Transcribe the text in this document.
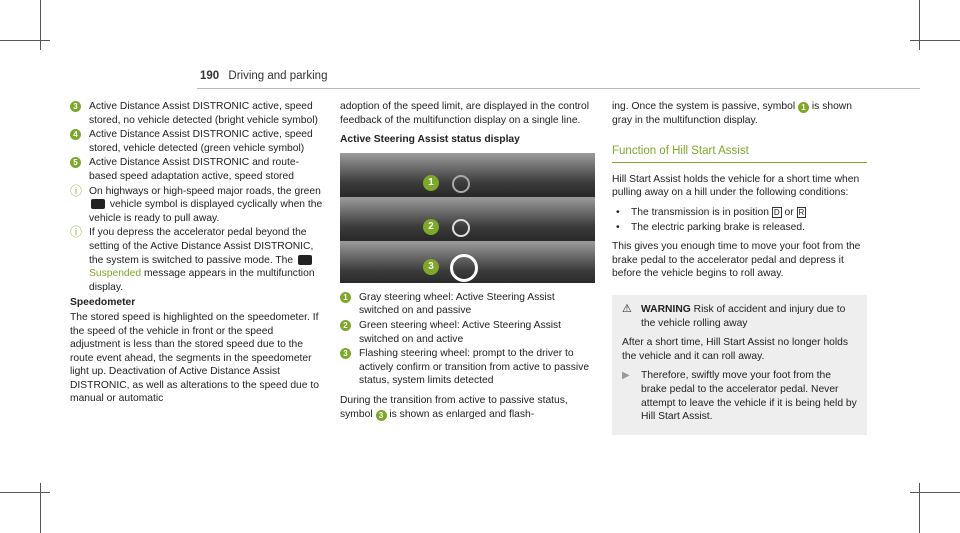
190 Driving and parking
3	Active Distance Assist DISTRONIC active, speed stored, no vehicle detected (bright vehicle symbol)
4	Active Distance Assist DISTRONIC active, speed stored, vehicle detected (green vehicle symbol)
5	Active Distance Assist DISTRONIC and route-based speed adaptation active, speed stored
ⓘ On highways or high-speed major roads, the green  vehicle symbol is displayed cyclically when the vehicle is ready to pull away.
ⓘ If you depress the accelerator pedal beyond the setting of the Active Distance Assist DISTRONIC, the system is switched to passive mode. The  Suspended message appears in the multifunction display.
Speedometer
The stored speed is highlighted on the speedometer. If the speed of the vehicle in front or the speed adjustment is less than the stored speed due to the route event ahead, the segments in the speedometer light up. Deactivation of Active Distance Assist DISTRONIC, as well as alterations to the speed due to manual or automatic

adoption of the speed limit, are displayed in the control feedback of the multifunction display on a single line.

Active Steering Assist status display
1
2
3
1	Gray steering wheel: Active Steering Assist switched on and passive
2	Green steering wheel: Active Steering Assist switched on and active
3	Flashing steering wheel: prompt to the driver to actively confirm or transition from active to passive status, system limits detected
During the transition from active to passive status, symbol 3 is shown as enlarged and flash-
ing. Once the system is passive, symbol 1 is shown gray in the multifunction display.
Function of Hill Start Assist

Hill Start Assist holds the vehicle for a short time when pulling away on a hill under the following conditions:

• The transmission is in position D or R
• The electric parking brake is released.

This gives you enough time to move your foot from the brake pedal to the accelerator pedal and depress it before the vehicle begins to roll away.

⚠ WARNING Risk of accident and injury due to the vehicle rolling away

After a short time, Hill Start Assist no longer holds the vehicle and it can roll away.

▶ Therefore, swiftly move your foot from the brake pedal to the accelerator pedal. Never attempt to leave the vehicle if it is being held by Hill Start Assist.
